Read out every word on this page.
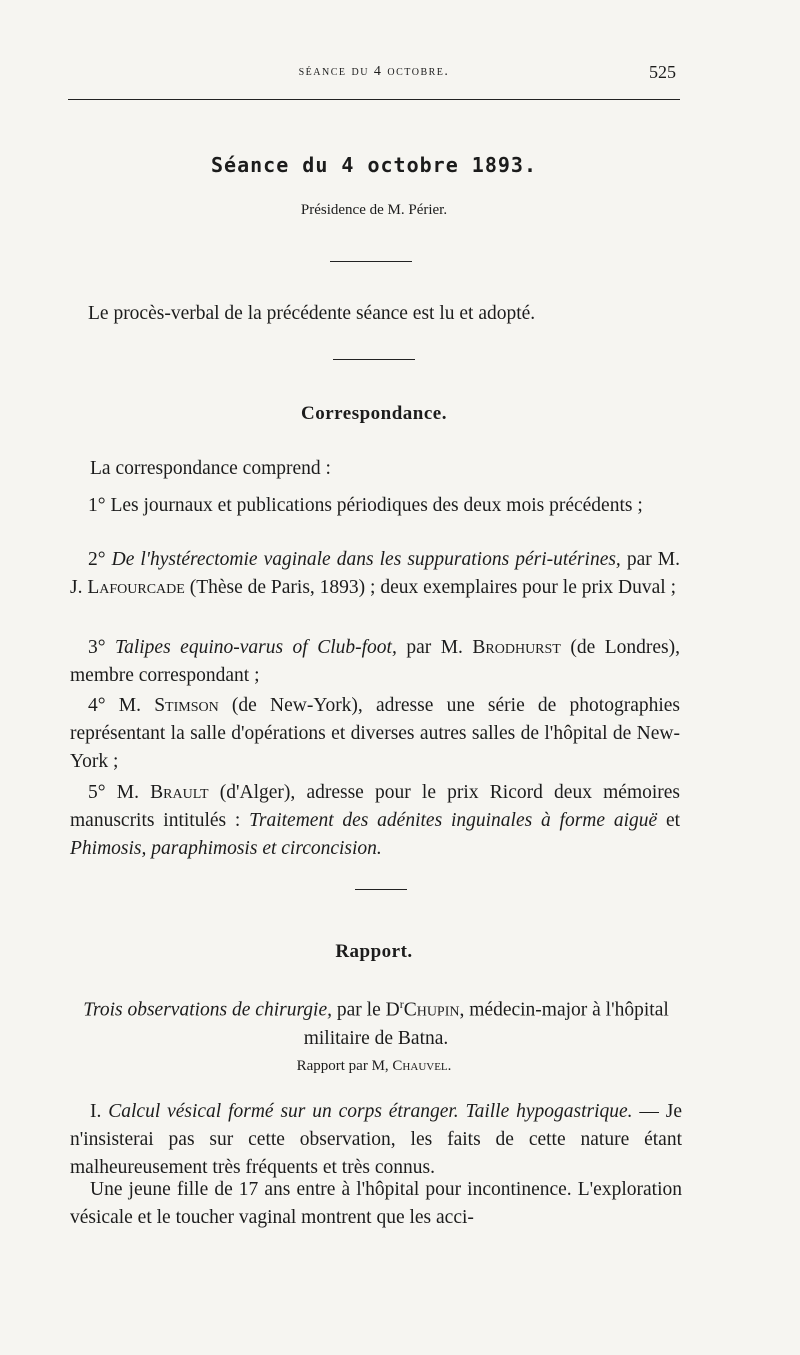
séance du 4 octobre.	525
Séance du 4 octobre 1893.
Présidence de M. Périer.
Le procès-verbal de la précédente séance est lu et adopté.
Correspondance.
La correspondance comprend :
1° Les journaux et publications périodiques des deux mois précédents ;
2° De l'hystérectomie vaginale dans les suppurations péri-utérines, par M. J. Lafourcade (Thèse de Paris, 1893) ; deux exemplaires pour le prix Duval ;
3° Talipes equino-varus of Club-foot, par M. Brodhurst (de Londres), membre correspondant ;
4° M. Stimson (de New-York), adresse une série de photographies représentant la salle d'opérations et diverses autres salles de l'hôpital de New-York ;
5° M. Brault (d'Alger), adresse pour le prix Ricord deux mémoires manuscrits intitulés : Traitement des adénites inguinales à forme aiguë et Phimosis, paraphimosis et circoncision.
Rapport.
Trois observations de chirurgie, par le $D^rChupin$, médecin-major à l'hôpital militaire de Batna.
Rapport par M, Chauvel.
I. Calcul vésical formé sur un corps étranger. Taille hypogastrique. — Je n'insisterai pas sur cette observation, les faits de cette nature étant malheureusement très fréquents et très connus.
Une jeune fille de 17 ans entre à l'hôpital pour incontinence. L'exploration vésicale et le toucher vaginal montrent que les acci-
